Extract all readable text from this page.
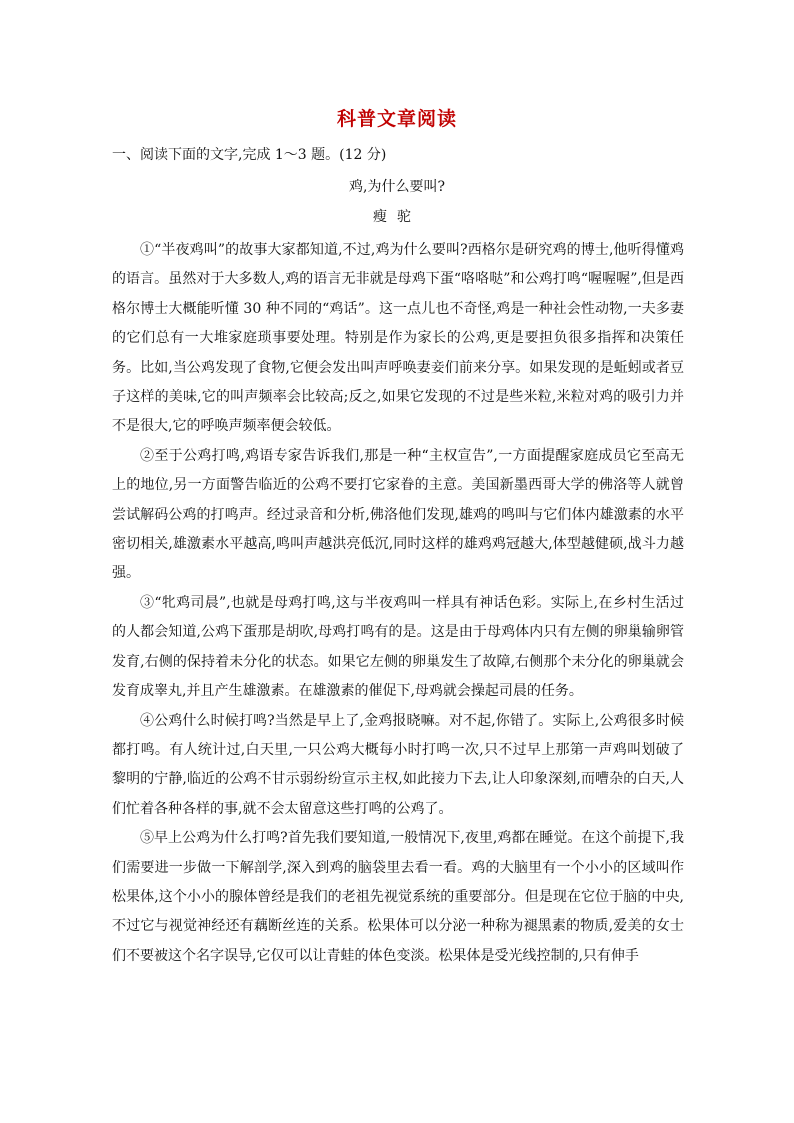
科普文章阅读
一、阅读下面的文字,完成 1～3 题。(12 分)
鸡,为什么要叫?
瘦驼

①“半夜鸡叫”的故事大家都知道,不过,鸡为什么要叫?西格尔是研究鸡的博士,他听得懂鸡的语言。虽然对于大多数人,鸡的语言无非就是母鸡下蛋“咯咯哒”和公鸡打鸣“喔喔喔”,但是西格尔博士大概能听懂 30 种不同的“鸡话”。这一点儿也不奇怪,鸡是一种社会性动物,一夫多妻的它们总有一大堆家庭琐事要处理。特别是作为家长的公鸡,更是要担负很多指挥和决策任务。比如,当公鸡发现了食物,它便会发出叫声呼唤妻妾们前来分享。如果发现的是蚯蚓或者豆子这样的美味,它的叫声频率会比较高;反之,如果它发现的不过是些米粒,米粒对鸡的吸引力并不是很大,它的呼唤声频率便会较低。

②至于公鸡打鸣,鸡语专家告诉我们,那是一种“主权宣告”,一方面提醒家庭成员它至高无上的地位,另一方面警告临近的公鸡不要打它家眷的主意。美国新墨西哥大学的佛洛等人就曾尝试解码公鸡的打鸣声。经过录音和分析,佛洛他们发现,雄鸡的鸣叫与它们体内雄激素的水平密切相关,雄激素水平越高,鸣叫声越洪亮低沉,同时这样的雄鸡鸡冠越大,体型越健硕,战斗力越强。

③“牝鸡司晨”,也就是母鸡打鸣,这与半夜鸡叫一样具有神话色彩。实际上,在乡村生活过的人都会知道,公鸡下蛋那是胡吹,母鸡打鸣有的是。这是由于母鸡体内只有左侧的卵巢输卵管发育,右侧的保持着未分化的状态。如果它左侧的卵巢发生了故障,右侧那个未分化的卵巢就会发育成睾丸,并且产生雄激素。在雄激素的催促下,母鸡就会操起司晨的任务。

④公鸡什么时候打鸣?当然是早上了,金鸡报晓嘛。对不起,你错了。实际上,公鸡很多时候都打鸣。有人统计过,白天里,一只公鸡大概每小时打鸣一次,只不过早上那第一声鸡叫划破了黎明的宁静,临近的公鸡不甘示弱纷纷宣示主权,如此接力下去,让人印象深刻,而嘈杂的白天,人们忙着各种各样的事,就不会太留意这些打鸣的公鸡了。

⑤早上公鸡为什么打鸣?首先我们要知道,一般情况下,夜里,鸡都在睡觉。在这个前提下,我们需要进一步做一下解剖学,深入到鸡的脑袋里去看一看。鸡的大脑里有一个小小的区域叫作松果体,这个小小的腺体曾经是我们的老祖先视觉系统的重要部分。但是现在它位于脑的中央,不过它与视觉神经还有藕断丝连的关系。松果体可以分泌一种称为褪黑素的物质,爱美的女士们不要被这个名字误导,它仅可以让青蛙的体色变淡。松果体是受光线控制的,只有伸手
